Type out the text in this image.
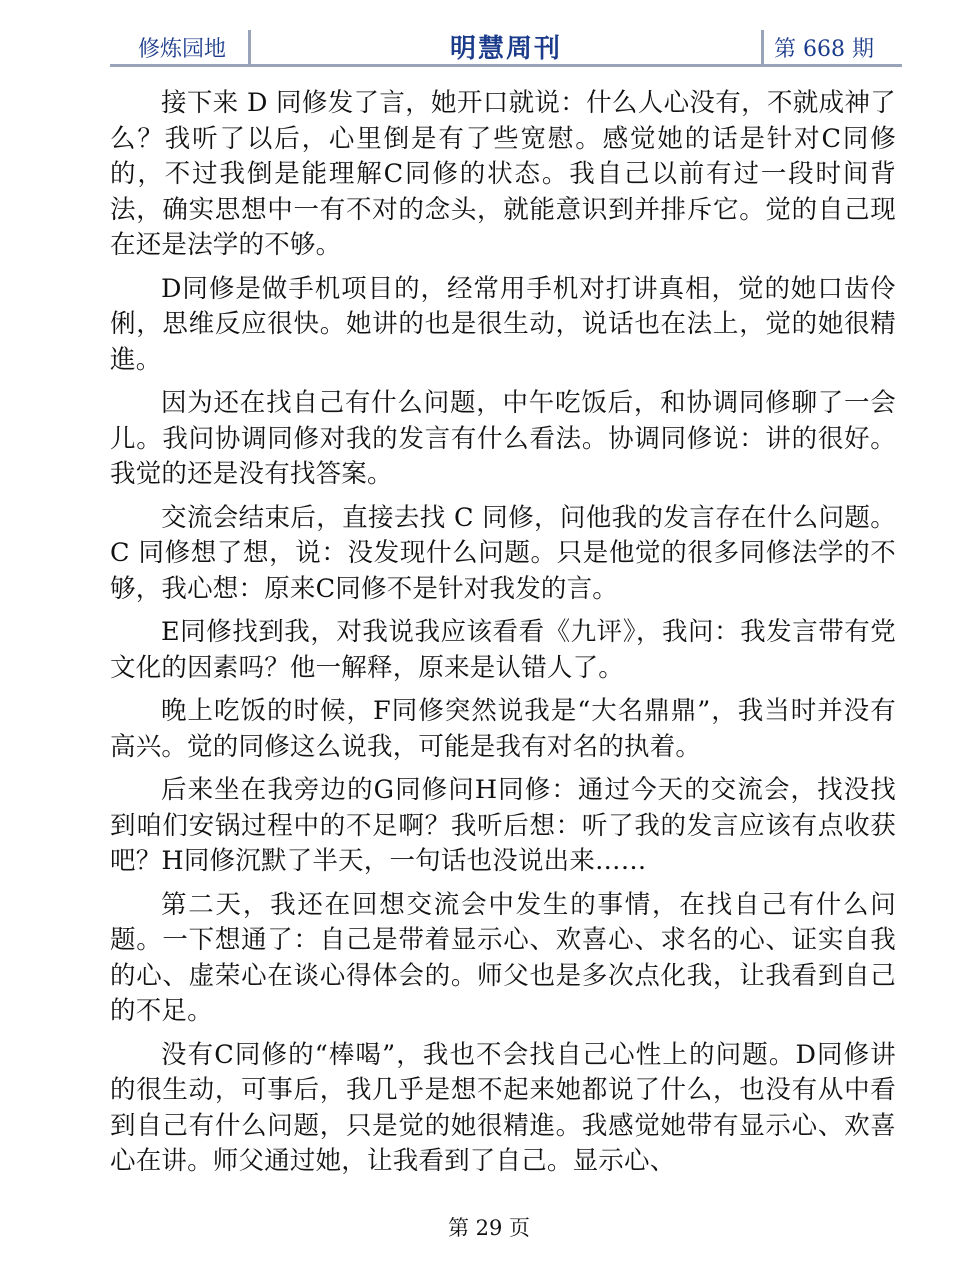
修炼园地	明慧周刊	第 668 期

接下来 D 同修发了言，她开口就说：什么人心没有，不就成神了么？我听了以后，心里倒是有了些宽慰。感觉她的话是针对C同修的，不过我倒是能理解C同修的状态。我自己以前有过一段时间背法，确实思想中一有不对的念头，就能意识到并排斥它。觉的自己现在还是法学的不够。

D同修是做手机项目的，经常用手机对打讲真相，觉的她口齿伶俐，思维反应很快。她讲的也是很生动，说话也在法上，觉的她很精進。

因为还在找自己有什么问题，中午吃饭后，和协调同修聊了一会儿。我问协调同修对我的发言有什么看法。协调同修说：讲的很好。我觉的还是没有找答案。

交流会结束后，直接去找 C 同修，问他我的发言存在什么问题。C 同修想了想，说：没发现什么问题。只是他觉的很多同修法学的不够，我心想：原来C同修不是针对我发的言。

E同修找到我，对我说我应该看看《九评》，我问：我发言带有党文化的因素吗？他一解释，原来是认错人了。

晚上吃饭的时候，F同修突然说我是“大名鼎鼎”，我当时并没有高兴。觉的同修这么说我，可能是我有对名的执着。

后来坐在我旁边的G同修问H同修：通过今天的交流会，找没找到咱们安锅过程中的不足啊？我听后想：听了我的发言应该有点收获吧？H同修沉默了半天，一句话也没说出来……

第二天，我还在回想交流会中发生的事情，在找自己有什么问题。一下想通了：自己是带着显示心、欢喜心、求名的心、证实自我的心、虚荣心在谈心得体会的。师父也是多次点化我，让我看到自己的不足。

没有C同修的“棒喝”，我也不会找自己心性上的问题。D同修讲的很生动，可事后，我几乎是想不起来她都说了什么，也没有从中看到自己有什么问题，只是觉的她很精進。我感觉她带有显示心、欢喜心在讲。师父通过她，让我看到了自己。显示心、

第 29 页
